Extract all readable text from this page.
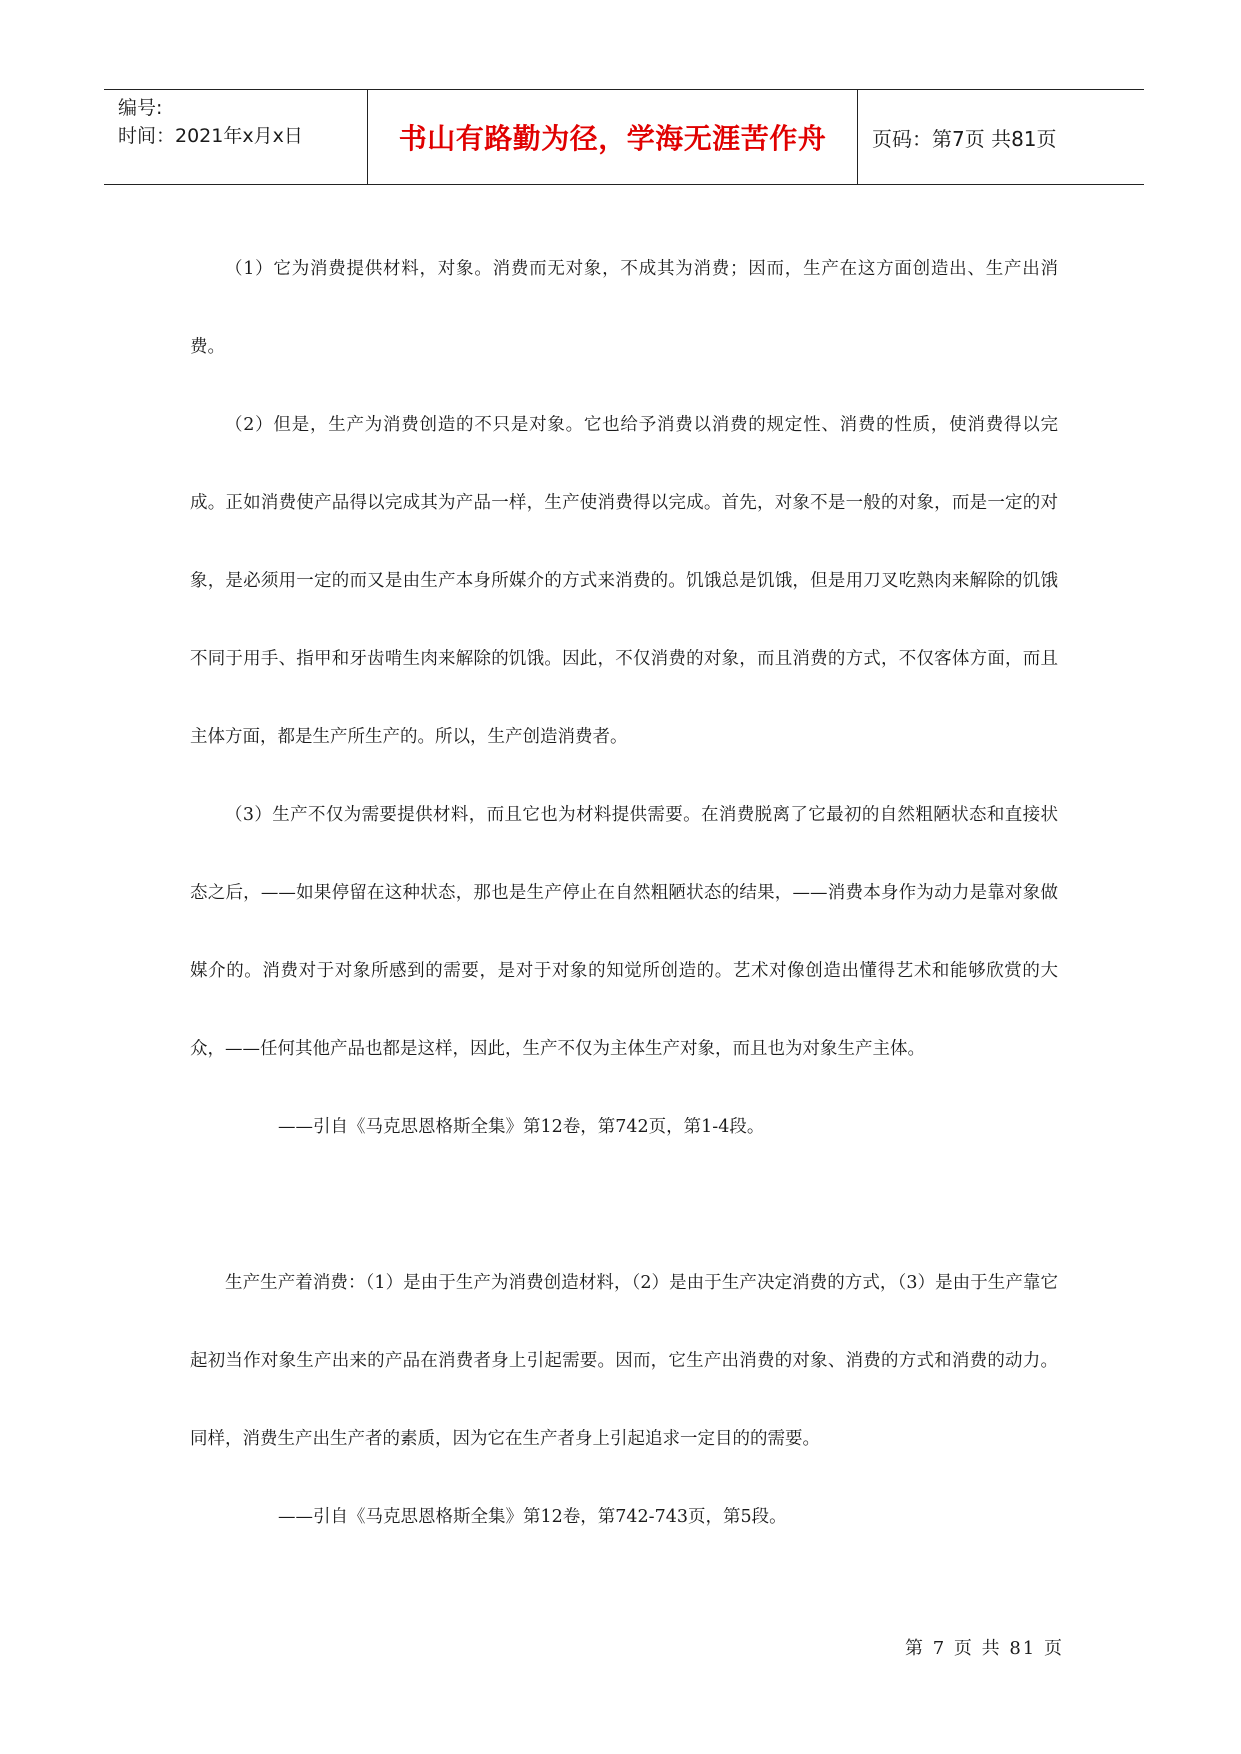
编号:
时间：2021年x月x日	书山有路勤为径，学海无涯苦作舟 页码：第7页 共81页

（1）它为消费提供材料，对象。消费而无对象，不成其为消费；因而，生产在这方面创造出、生产出消费。

（2）但是，生产为消费创造的不只是对象。它也给予消费以消费的规定性、消费的性质，使消费得以完成。正如消费使产品得以完成其为产品一样，生产使消费得以完成。首先，对象不是一般的对象，而是一定的对象，是必须用一定的而又是由生产本身所媒介的方式来消费的。饥饿总是饥饿，但是用刀叉吃熟肉来解除的饥饿不同于用手、指甲和牙齿啃生肉来解除的饥饿。因此，不仅消费的对象，而且消费的方式，不仅客体方面，而且主体方面，都是生产所生产的。所以，生产创造消费者。

（3）生产不仅为需要提供材料，而且它也为材料提供需要。在消费脱离了它最初的自然粗陋状态和直接状态之后，——如果停留在这种状态，那也是生产停止在自然粗陋状态的结果，——消费本身作为动力是靠对象做媒介的。消费对于对象所感到的需要，是对于对象的知觉所创造的。艺术对像创造出懂得艺术和能够欣赏的大众，——任何其他产品也都是这样，因此，生产不仅为主体生产对象，而且也为对象生产主体。

——引自《马克思恩格斯全集》第12卷，第742页，第1-4段。

生产生产着消费：（1）是由于生产为消费创造材料，（2）是由于生产决定消费的方式，（3）是由于生产靠它起初当作对象生产出来的产品在消费者身上引起需要。因而，它生产出消费的对象、消费的方式和消费的动力。同样，消费生产出生产者的素质，因为它在生产者身上引起追求一定目的的需要。

——引自《马克思恩格斯全集》第12卷，第742-743页，第5段。

第 7 页 共 81 页
